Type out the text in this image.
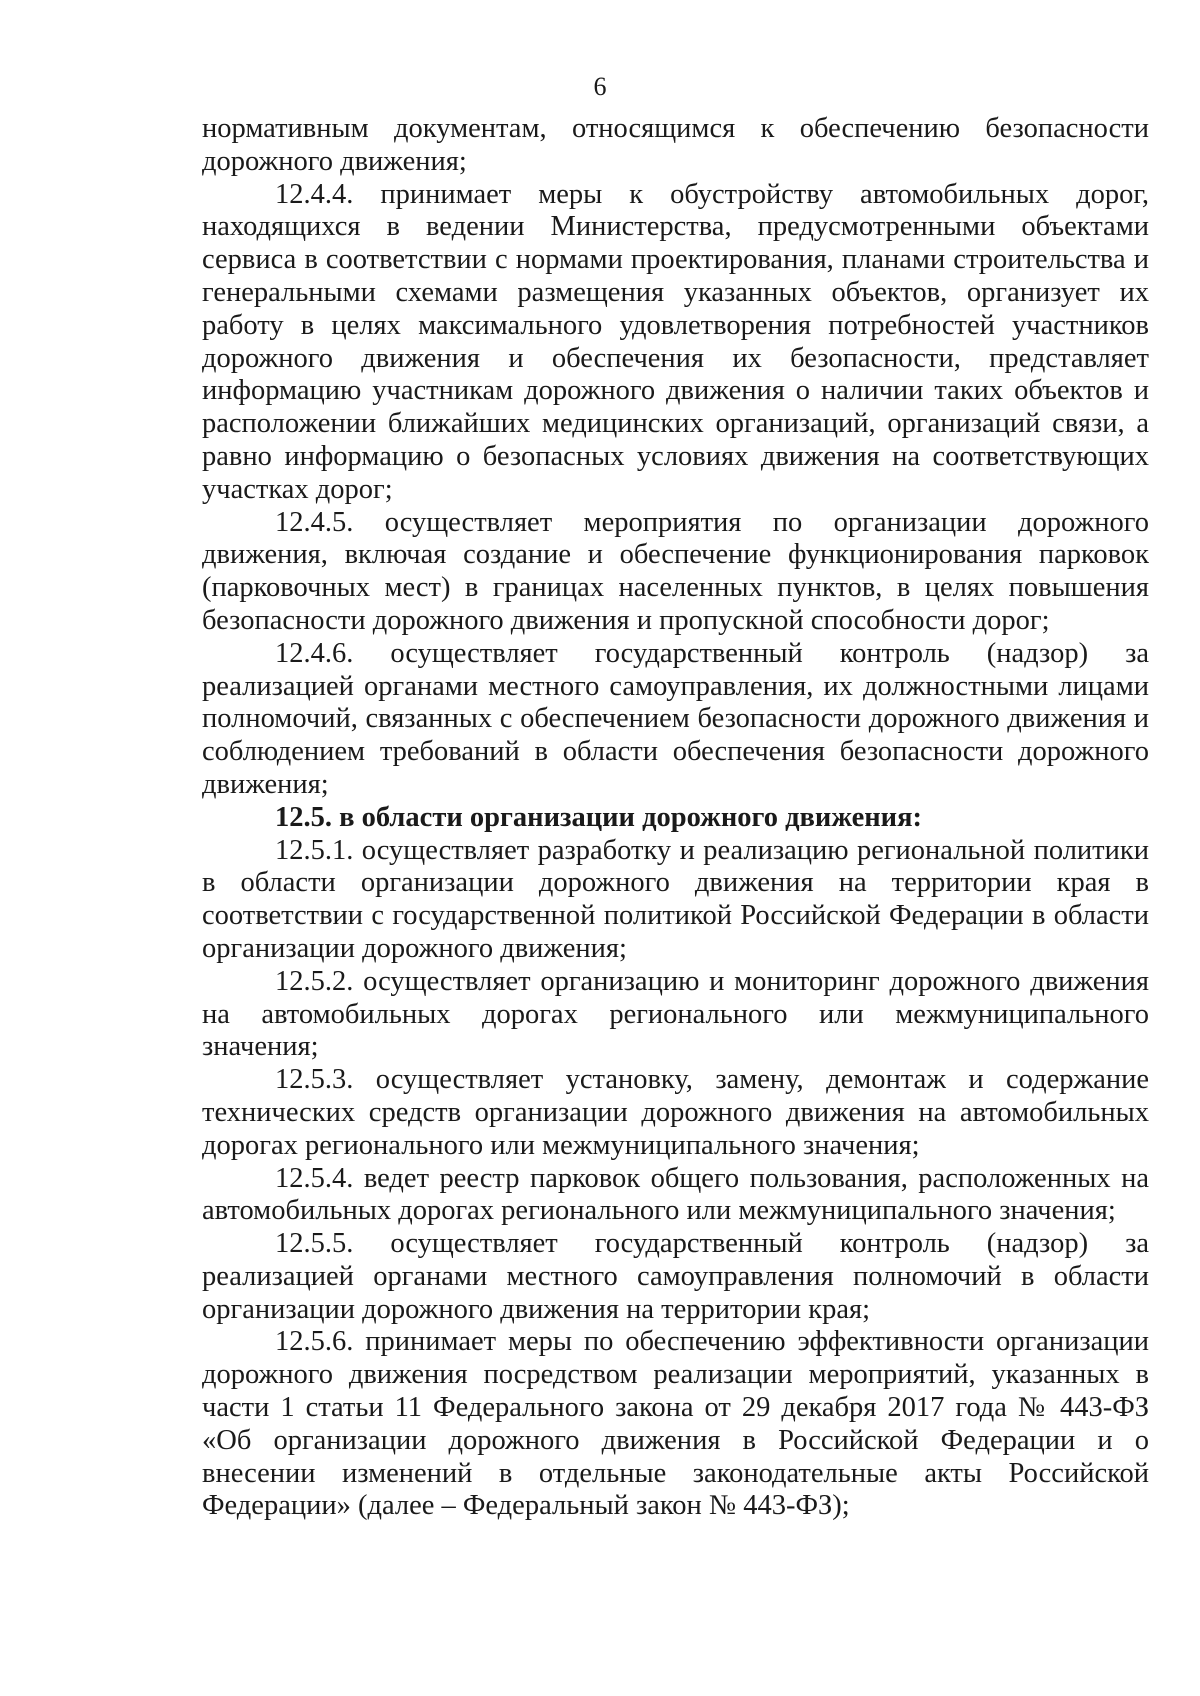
6

нормативным документам, относящимся к обеспечению безопасности дорожного движения;

12.4.4. принимает меры к обустройству автомобильных дорог, находящихся в ведении Министерства, предусмотренными объектами сервиса в соответствии с нормами проектирования, планами строительства и генеральными схемами размещения указанных объектов, организует их работу в целях максимального удовлетворения потребностей участников дорожного движения и обеспечения их безопасности, представляет информацию участникам дорожного движения о наличии таких объектов и расположении ближайших медицинских организаций, организаций связи, а равно информацию о безопасных условиях движения на соответствующих участках дорог;

12.4.5. осуществляет мероприятия по организации дорожного движения, включая создание и обеспечение функционирования парковок (парковочных мест) в границах населенных пунктов, в целях повышения безопасности дорожного движения и пропускной способности дорог;

12.4.6. осуществляет государственный контроль (надзор) за реализацией органами местного самоуправления, их должностными лицами полномочий, связанных с обеспечением безопасности дорожного движения и соблюдением требований в области обеспечения безопасности дорожного движения;

12.5. в области организации дорожного движения:

12.5.1. осуществляет разработку и реализацию региональной политики в области организации дорожного движения на территории края в соответствии с государственной политикой Российской Федерации в области организации дорожного движения;

12.5.2. осуществляет организацию и мониторинг дорожного движения на автомобильных дорогах регионального или межмуниципального значения;

12.5.3. осуществляет установку, замену, демонтаж и содержание технических средств организации дорожного движения на автомобильных дорогах регионального или межмуниципального значения;

12.5.4. ведет реестр парковок общего пользования, расположенных на автомобильных дорогах регионального или межмуниципального значения;

12.5.5. осуществляет государственный контроль (надзор) за реализацией органами местного самоуправления полномочий в области организации дорожного движения на территории края;

12.5.6. принимает меры по обеспечению эффективности организации дорожного движения посредством реализации мероприятий, указанных в части 1 статьи 11 Федерального закона от 29 декабря 2017 года № 443-ФЗ «Об организации дорожного движения в Российской Федерации и о внесении изменений в отдельные законодательные акты Российской Федерации» (далее – Федеральный закон № 443-ФЗ);
